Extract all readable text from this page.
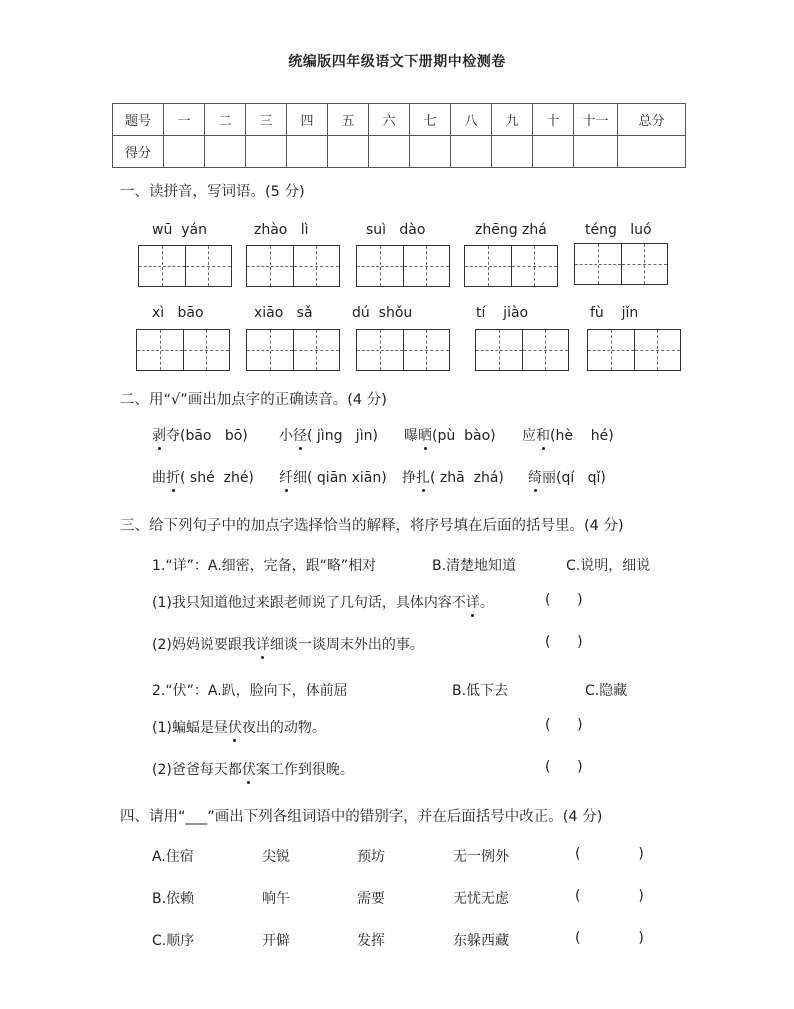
统编版四年级语文下册期中检测卷
题号	一	二	三	四	五	六	七	八	九	十	十一	总分
得分												
一、读拼音，写词语。(5 分)
wū  yán	zhào   lì	suì   dào	zhēng zhá	téng   luó
xì   bāo	xiāo   sǎ	dú  shǒu	tí    jiào	fù    jǐn
二、用“√”画出加点字的正确读音。(4 分)
剥夺(bāo   bō) 小径( jìng   jìn) 曝晒(pù  bào) 应和(hè    hé)
曲折( shé  zhé) 纤细( qiān xiān) 挣扎( zhā  zhá) 绮丽(qí   qǐ)
三、给下列句子中的加点字选择恰当的解释，将序号填在后面的括号里。(4 分)
1.“详”：A.细密，完备，跟“略”相对	B.清楚地知道	C.说明，细说
(1)我只知道他过来跟老师说了几句话，具体内容不详。	(      )
(2)妈妈说要跟我详细谈一谈周末外出的事。	(      )
2.“伏”：A.趴，脸向下，体前屈	B.低下去	C.隐藏
(1)蝙蝠是昼伏夜出的动物。	(      )
(2)爸爸每天都伏案工作到很晚。	(      )
四、请用“___”画出下列各组词语中的错别字，并在后面括号中改正。(4 分)
A.住宿	尖锐	预坊	无一例外	(             )
B.依赖	响午	需要	无忧无虑	(             )
C.顺序	开僻	发挥	东躲西藏	(             )
